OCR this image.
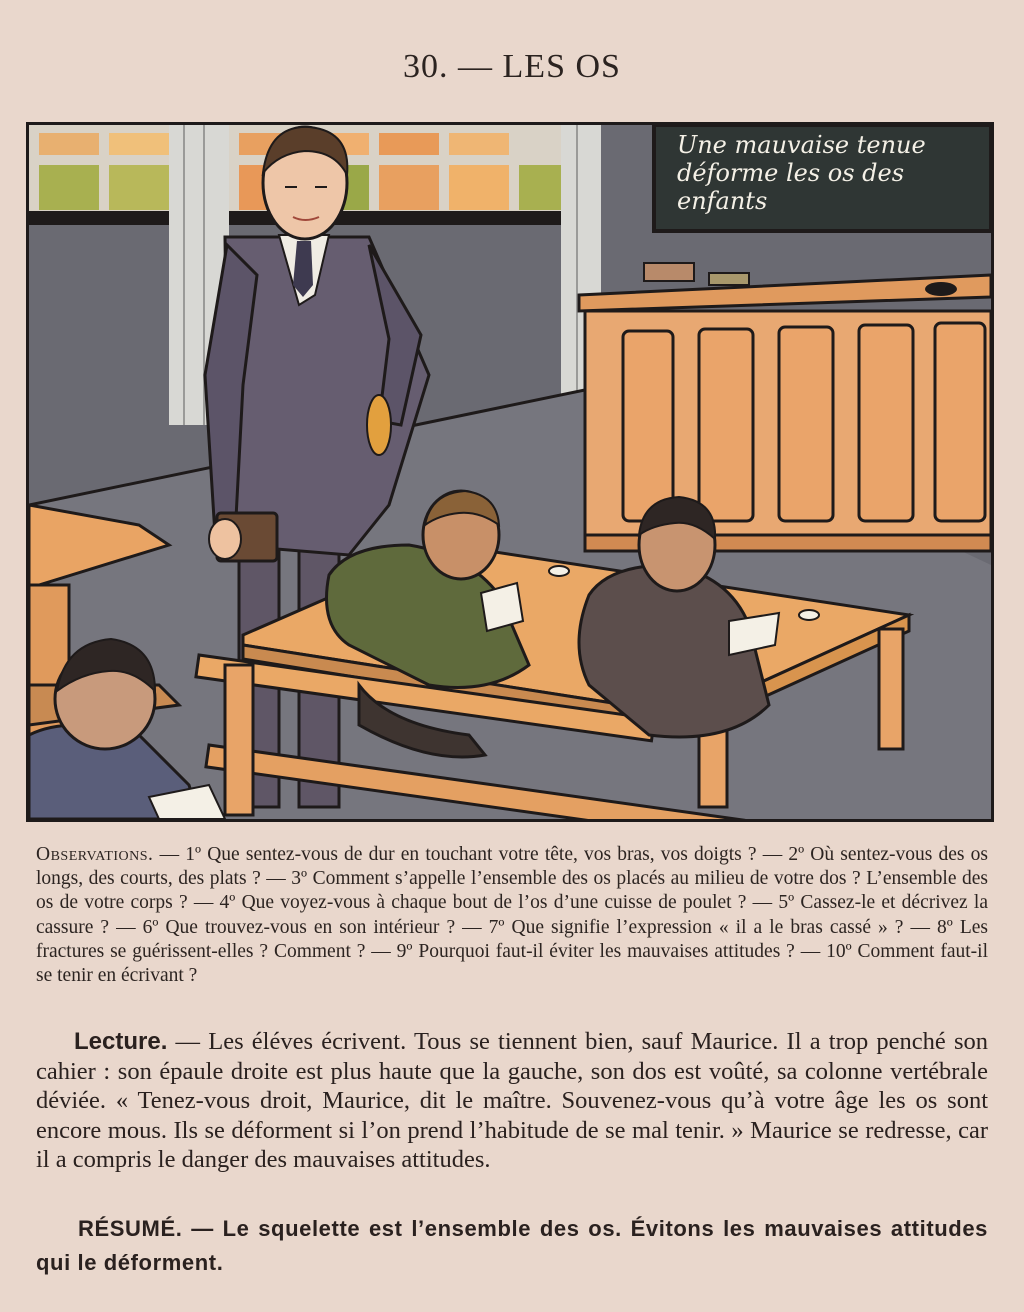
30. — LES OS
Une mauvaise tenue
déforme les os des
enfants
Observations. — 1º Que sentez-vous de dur en touchant votre tête, vos bras, vos doigts ? — 2º Où sentez-vous des os longs, des courts, des plats ? — 3º Comment s’appelle l’ensemble des os placés au milieu de votre dos ? L’ensemble des os de votre corps ? — 4º Que voyez-vous à chaque bout de l’os d’une cuisse de poulet ? — 5º Cassez-le et décrivez la cassure ? — 6º Que trouvez-vous en son intérieur ? — 7º Que signifie l’expression « il a le bras cassé » ? — 8º Les fractures se guérissent-elles ? Comment ? — 9º Pourquoi faut-il éviter les mauvaises attitudes ? — 10º Comment faut-il se tenir en écrivant ?
Lecture. — Les éléves écrivent. Tous se tiennent bien, sauf Maurice. Il a trop penché son cahier : son épaule droite est plus haute que la gauche, son dos est voûté, sa colonne vertébrale déviée. « Tenez-vous droit, Maurice, dit le maître. Souvenez-vous qu’à votre âge les os sont encore mous. Ils se déforment si l’on prend l’habitude de se mal tenir. » Maurice se redresse, car il a compris le danger des mauvaises attitudes.
RÉSUMÉ. — Le squelette est l’ensemble des os. Évitons les mauvaises attitudes qui le déforment.
